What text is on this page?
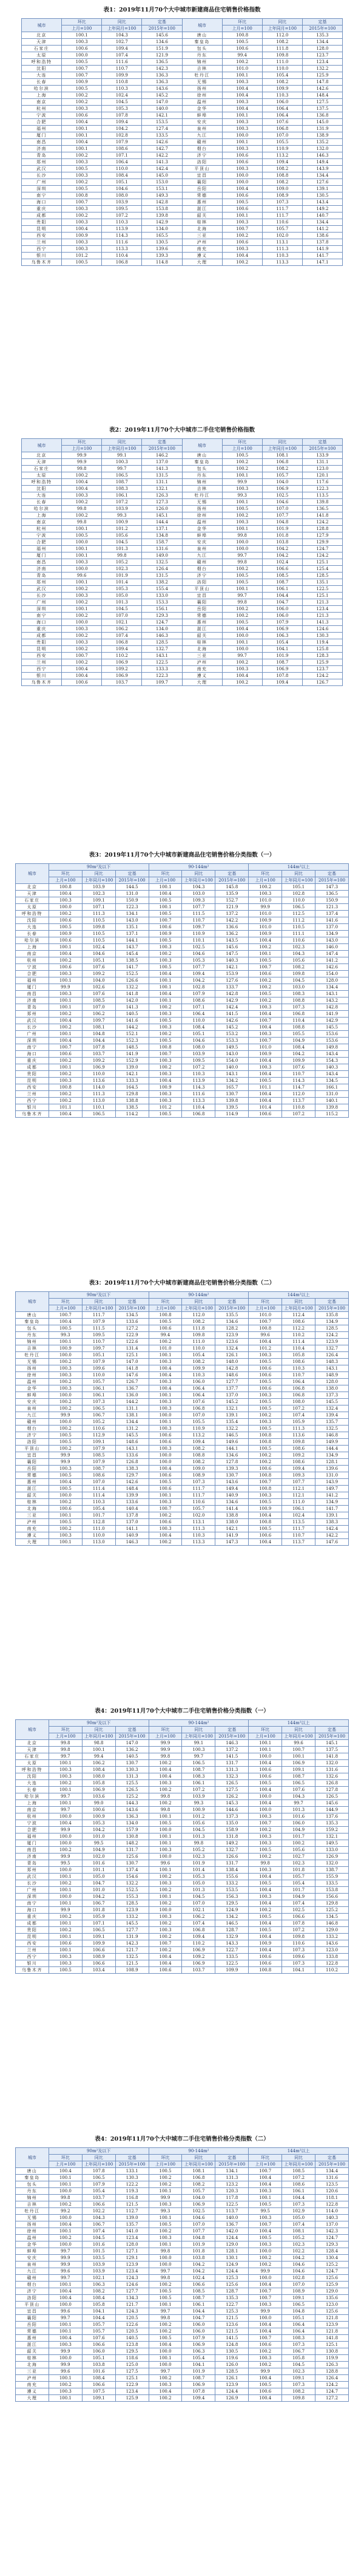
表1：2019年11月70个大中城市新建商品住宅销售价格指数
城市	环比	同比	定基	城市	环比	同比	定基
	上月=100	上年同月=100	2015年=100		上月=100	上年同月=100	2015年=100
北京	100.1	104.3	145.6	唐山	100.8	112.0	135.3
天津	100.3	102.7	134.6	秦皇岛	100.5	108.2	134.4
石家庄	100.6	109.4	151.9	包头	100.6	111.8	128.0
太原	100.0	107.4	121.9	丹东	99.4	109.8	123.7
呼和浩特	100.5	111.6	136.5	锦州	100.2	111.0	123.4
沈阳	100.7	110.7	142.3	吉林	101.0	110.0	132.2
大连	100.7	109.9	136.3	牡丹江	100.1	105.4	125.9
长春	100.9	110.8	136.3	无锡	100.3	108.2	147.8
哈尔滨	100.5	110.3	143.6	扬州	100.4	109.9	142.6
上海	100.2	102.4	145.2	徐州	100.4	110.3	148.4
南京	100.2	104.5	147.0	温州	100.3	106.0	127.5
杭州	100.3	105.3	140.0	金华	100.4	106.4	137.5
宁波	100.6	107.8	142.1	蚌埠	100.1	106.4	136.8
合肥	100.4	109.4	153.5	安庆	100.3	107.6	145.0
福州	100.1	104.2	127.4	泉州	100.3	106.8	131.9
厦门	100.1	102.8	133.5	九江	100.0	107.0	138.9
南昌	100.4	107.9	142.6	赣州	100.1	105.5	135.2
济南	100.1	108.6	142.7	烟台	100.3	110.9	132.0
青岛	100.2	107.1	142.2	济宁	100.6	113.2	146.3
郑州	100.3	106.4	141.3	洛阳	100.6	109.4	149.4
武汉	100.5	110.0	142.4	平顶山	100.3	108.2	143.9
长沙	100.3	108.4	145.0	宜昌	100.0	108.8	134.4
广州	100.2	105.1	153.0	襄阳	100.0	108.2	127.6
深圳	100.5	104.6	153.1	岳阳	100.4	109.0	139.1
南宁	100.8	108.0	149.3	常德	100.6	108.9	130.5
海口	100.7	103.9	142.8	惠州	100.5	107.3	143.4
重庆	100.3	109.5	153.8	湛江	100.6	111.7	149.2
成都	100.2	107.2	139.8	韶关	100.1	111.7	140.7
贵阳	100.3	110.3	142.9	桂林	100.3	110.6	134.4
昆明	100.4	113.9	134.0	北海	100.7	105.7	141.2
西安	100.9	114.3	165.5	三亚	100.2	102.0	138.6
兰州	100.3	111.6	130.5	泸州	100.6	113.1	137.8
西宁	100.3	113.3	139.6	南充	100.3	111.3	141.9
银川	101.2	110.4	139.3	遵义	100.4	110.3	141.7
乌鲁木齐	100.5	106.8	114.8	大理	100.2	113.3	147.1
表2：2019年11月70个大中城市二手住宅销售价格指数
城市	环比	同比	定基	城市	环比	同比	定基
	上月=100	上年同月=100	2015年=100		上月=100	上年同月=100	2015年=100
北京	99.9	99.1	146.2	唐山	100.5	108.1	133.9
天津	99.9	100.3	137.0	秦皇岛	100.2	106.8	131.1
石家庄	99.8	99.7	141.3	包头	100.2	108.2	123.0
太原	100.2	106.5	131.5	丹东	100.1	105.7	120.1
呼和浩特	100.4	108.7	131.1	锦州	99.9	104.0	117.6
沈阳	100.4	108.3	132.1	吉林	100.3	106.9	122.3
大连	100.3	106.1	126.3	牡丹江	99.3	102.5	113.5
长春	100.2	107.2	127.3	无锡	100.1	104.6	139.8
哈尔滨	99.8	103.9	126.0	扬州	100.5	107.0	136.5
上海	100.2	99.3	145.1	徐州	100.2	107.7	141.8
南京	99.8	100.9	144.4	温州	100.3	104.8	124.2
杭州	100.1	101.2	137.1	金华	100.1	101.9	128.8
宁波	100.5	105.6	134.8	蚌埠	99.8	101.8	127.9
合肥	100.0	104.5	158.7	安庆	100.0	103.8	129.9
福州	100.1	101.3	131.6	泉州	100.0	104.2	124.7
厦门	100.1	99.8	149.0	九江	99.7	104.2	124.2
南昌	100.3	105.2	132.5	赣州	99.8	102.4	125.1
济南	100.0	102.3	126.4	烟台	100.2	106.6	125.4
青岛	99.6	101.9	131.5	济宁	100.5	108.5	128.5
郑州	100.1	101.4	138.2	洛阳	100.5	108.7	135.1
武汉	100.2	105.3	155.4	平顶山	100.1	106.1	122.5
长沙	100.3	105.0	133.0	宜昌	99.7	104.4	125.1
广州	100.2	101.3	153.3	襄阳	99.8	104.7	121.3
深圳	100.1	104.5	156.1	岳阳	100.2	106.0	123.4
南宁	100.2	107.0	129.3	常德	100.2	106.0	121.3
海口	100.0	102.1	124.7	惠州	100.5	107.9	141.3
重庆	100.3	106.2	134.0	湛江	100.4	106.9	124.6
成都	100.2	107.4	146.3	韶关	100.0	106.3	130.3
贵阳	100.3	106.8	128.5	桂林	100.1	105.4	119.4
昆明	100.2	109.4	132.7	北海	100.0	104.1	125.8
西安	100.7	110.2	143.1	三亚	99.7	101.9	128.3
兰州	100.2	106.9	122.5	泸州	100.2	108.7	125.9
西宁	100.4	109.2	133.3	南充	100.3	106.9	123.7
银川	100.4	106.9	122.3	遵义	100.4	107.8	124.2
乌鲁木齐	100.6	103.7	109.7	大理	100.2	109.4	126.7
表3：2019年11月70个大中城市新建商品住宅销售价格分类指数（一）
城市	90m²及以下			90-144m²			144m²以上		
	环比	同比	定基	环比	同比	定基	环比	同比	定基
	上月=100	上年同月=100	2015年=100	上月=100	上年同月=100	2015年=100	上月=100	上年同月=100	2015年=100
北京	100.8	103.9	144.5	100.1	104.3	145.8	100.2	105.1	147.3
天津	100.4	102.3	131.0	100.4	103.0	135.9	100.3	102.8	136.5
石家庄	100.3	109.1	150.9	100.5	109.3	152.7	101.0	110.0	150.9
太原	100.0	107.1	122.3	100.1	107.7	121.9	99.9	106.5	121.3
呼和浩特	100.2	111.3	134.1	100.5	111.5	137.2	101.0	112.5	137.4
沈阳	100.6	110.5	143.0	100.7	110.7	142.2	100.9	111.2	141.6
大连	100.5	109.8	135.1	100.6	109.7	136.6	101.0	110.5	137.0
长春	100.9	110.5	137.1	100.9	110.9	136.2	100.9	111.1	134.9
哈尔滨	100.6	110.5	144.1	100.5	110.1	143.5	100.4	110.6	143.0
上海	100.1	102.4	143.7	100.3	102.5	145.6	100.2	102.3	146.0
南京	100.4	104.6	145.4	100.2	104.6	147.5	100.1	104.3	147.4
杭州	100.2	105.1	138.5	100.3	105.3	140.3	100.5	105.6	141.2
宁波	100.6	107.6	141.7	100.5	107.7	142.1	100.7	108.2	142.6
合肥	100.3	109.2	152.5	100.4	109.4	153.9	100.6	109.8	154.0
福州	100.1	104.0	126.6	100.1	104.2	127.6	100.2	104.5	128.0
厦门	99.9	102.6	132.2	100.1	102.8	133.7	100.2	103.0	134.4
南昌	100.3	107.6	141.8	100.4	107.9	142.8	100.5	108.3	143.1
济南	100.1	108.5	142.0	100.1	108.6	142.9	100.2	108.8	143.2
青岛	100.1	107.0	141.3	100.2	107.1	142.4	100.3	107.3	142.8
郑州	100.2	106.2	140.5	100.3	106.4	141.5	100.4	106.8	141.9
武汉	100.4	109.7	141.6	100.5	110.0	142.6	100.7	110.4	142.9
长沙	100.2	108.1	144.2	100.3	108.4	145.2	100.4	108.8	145.5
广州	100.1	104.8	152.1	100.2	105.1	153.2	100.3	105.5	153.6
深圳	100.4	104.4	152.3	100.5	104.6	153.3	100.7	104.9	153.6
南宁	100.7	107.8	148.5	100.8	108.0	149.5	101.0	108.4	149.8
海口	100.6	103.7	141.9	100.7	103.9	143.0	100.9	104.2	143.4
重庆	100.2	109.2	152.9	100.3	109.5	154.0	100.4	109.9	154.3
成都	100.1	106.9	139.0	100.2	107.2	140.0	100.3	107.6	140.3
贵阳	100.2	110.0	142.1	100.3	110.3	143.1	100.4	110.7	143.4
昆明	100.3	113.6	133.3	100.4	113.9	134.2	100.5	114.3	134.5
西安	100.8	114.0	164.5	100.9	114.3	165.7	101.1	114.7	166.1
兰州	100.2	111.3	129.8	100.3	111.6	130.7	100.4	112.0	131.0
西宁	100.2	113.0	138.8	100.3	113.3	139.8	100.4	113.7	140.1
银川	101.1	110.1	138.5	101.2	110.4	139.5	101.4	110.8	139.8
乌鲁木齐	100.4	106.5	114.2	100.5	106.8	114.9	100.6	107.2	115.2
表3：2019年11月70个大中城市新建商品住宅销售价格分类指数（二）
城市	90m²及以下			90-144m²			144m²以上		
	环比	同比	定基	环比	同比	定基	环比	同比	定基
	上月=100	上年同月=100	2015年=100	上月=100	上年同月=100	2015年=100	上月=100	上年同月=100	2015年=100
唐山	100.7	111.7	134.5	100.8	112.0	135.5	101.0	112.4	135.8
秦皇岛	100.4	107.9	133.6	100.5	108.2	134.6	100.7	108.6	134.9
包头	100.5	111.5	127.2	100.6	111.8	128.2	100.8	112.2	128.5
丹东	99.3	109.5	122.9	99.4	109.8	123.9	99.6	110.2	124.2
锦州	100.1	110.7	122.6	100.2	111.0	123.6	100.4	111.4	123.9
吉林	100.9	109.7	131.4	101.0	110.0	132.4	101.2	110.4	132.7
牡丹江	100.0	105.1	125.1	100.1	105.4	126.1	100.3	105.8	126.4
无锡	100.2	107.9	147.0	100.3	108.2	148.0	100.5	108.6	148.3
扬州	100.3	109.6	141.8	100.4	109.9	142.8	100.6	110.3	143.1
徐州	100.3	110.0	147.6	100.4	110.3	148.6	100.6	110.7	148.9
温州	100.2	105.7	126.7	100.3	106.0	127.7	100.5	106.4	128.0
金华	100.3	106.1	136.7	100.4	106.4	137.7	100.6	106.8	138.0
蚌埠	100.0	106.1	136.0	100.1	106.4	137.0	100.3	106.8	137.3
安庆	100.2	107.3	144.2	100.3	107.6	145.2	100.5	108.0	145.5
泉州	100.2	106.5	131.1	100.3	106.8	132.1	100.5	107.2	132.4
九江	99.9	106.7	138.1	100.0	107.0	139.1	100.2	107.4	139.4
赣州	100.0	105.2	134.4	100.1	105.5	135.4	100.3	105.9	135.7
烟台	100.2	110.6	131.2	100.3	110.9	132.2	100.5	111.3	132.5
济宁	100.5	112.9	145.5	100.6	113.2	146.5	100.8	113.6	146.8
洛阳	100.5	109.1	148.6	100.6	109.4	149.6	100.8	109.8	149.9
平顶山	100.2	107.9	143.1	100.3	108.2	144.1	100.5	108.6	144.4
宜昌	99.9	108.5	133.6	100.0	108.8	134.6	100.2	109.2	134.9
襄阳	99.9	107.9	126.8	100.0	108.2	127.8	100.2	108.6	128.1
岳阳	100.3	108.7	138.3	100.4	109.0	139.3	100.6	109.4	139.6
常德	100.5	108.6	129.7	100.6	108.9	130.7	100.8	109.3	131.0
惠州	100.4	107.0	142.6	100.5	107.3	143.6	100.7	107.7	143.9
湛江	100.5	111.4	148.4	100.6	111.7	149.4	100.8	112.1	149.7
韶关	100.0	111.4	139.9	100.1	111.7	140.9	100.3	112.1	141.2
桂林	100.2	110.3	133.6	100.3	110.6	134.6	100.5	111.0	134.9
北海	100.6	105.4	140.4	100.7	105.7	141.4	100.9	106.1	141.7
三亚	100.1	101.7	137.8	100.2	102.0	138.8	100.4	102.4	139.1
泸州	100.5	112.8	137.0	100.6	113.1	138.0	100.8	113.5	138.3
南充	100.2	111.0	141.1	100.3	111.3	142.1	100.5	111.7	142.4
遵义	100.3	110.0	140.9	100.4	110.3	141.9	100.6	110.7	142.2
大理	100.1	113.0	146.3	100.2	113.3	147.3	100.4	113.7	147.6
表4：2019年11月70个大中城市二手住宅销售价格分类指数（一）
城市	90m²及以下			90-144m²			144m²以上		
	环比	同比	定基	环比	同比	定基	环比	同比	定基
	上月=100	上年同月=100	2015年=100	上月=100	上年同月=100	2015年=100	上月=100	上年同月=100	2015年=100
北京	99.8	98.8	147.0	99.9	99.1	146.3	100.1	99.6	145.1
天津	99.8	100.1	136.2	99.9	100.3	137.2	100.1	100.7	137.5
石家庄	99.7	99.4	140.5	99.8	99.7	141.5	100.0	100.1	141.8
太原	100.1	106.2	130.7	100.2	106.5	131.7	100.4	106.9	132.0
呼和浩特	100.3	108.4	130.3	100.4	108.7	131.3	100.6	109.1	131.6
沈阳	100.3	108.0	131.3	100.4	108.3	132.3	100.6	108.7	132.6
大连	100.2	105.8	125.5	100.3	106.1	126.5	100.5	106.5	126.8
长春	100.1	106.9	126.5	100.2	107.2	127.5	100.4	107.6	127.8
哈尔滨	99.7	103.6	125.2	99.8	103.9	126.2	100.0	104.3	126.5
上海	100.1	99.0	144.3	100.2	99.3	145.3	100.4	99.7	145.6
南京	99.7	100.6	143.6	99.8	100.9	144.6	100.0	101.3	144.9
杭州	100.0	100.9	136.3	100.1	101.2	137.3	100.3	101.6	137.6
宁波	100.4	105.3	134.0	100.5	105.6	135.0	100.7	106.0	135.3
合肥	99.9	104.2	157.9	100.0	104.5	158.9	100.2	104.9	159.2
福州	100.0	101.0	130.8	100.1	101.3	131.8	100.3	101.7	132.1
厦门	100.0	99.5	148.2	100.1	99.8	149.2	100.3	100.2	149.5
南昌	100.2	104.9	131.7	100.3	105.2	132.7	100.5	105.6	133.0
济南	99.9	102.0	125.6	100.0	102.3	126.6	100.2	102.7	126.9
青岛	99.5	101.6	130.7	99.6	101.9	131.7	99.8	102.3	132.0
郑州	100.0	101.1	137.4	100.1	101.4	138.4	100.3	101.8	138.7
武汉	100.1	105.0	154.6	100.2	105.3	155.6	100.4	105.7	155.9
长沙	100.2	104.7	132.2	100.3	105.0	133.2	100.5	105.4	133.5
广州	100.1	101.0	152.5	100.2	101.3	153.5	100.4	101.7	153.8
深圳	100.0	104.2	155.3	100.1	104.5	156.3	100.3	104.9	156.6
南宁	100.1	106.7	128.5	100.2	107.0	129.5	100.4	107.4	129.8
海口	99.9	101.8	123.9	100.0	102.1	124.9	100.2	102.5	125.2
重庆	100.2	105.9	133.2	100.3	106.2	134.2	100.5	106.6	134.5
成都	100.1	107.1	145.5	100.2	107.4	146.5	100.4	107.8	146.8
贵阳	100.2	106.5	127.7	100.3	106.8	128.7	100.5	107.2	129.0
昆明	100.1	109.1	131.9	100.2	109.4	132.9	100.4	109.8	133.2
西安	100.6	109.9	142.3	100.7	110.2	143.3	100.9	110.6	143.6
兰州	100.1	106.6	121.7	100.2	106.9	122.7	100.4	107.3	123.0
西宁	100.3	108.9	132.5	100.4	109.2	133.5	100.6	109.6	133.8
银川	100.3	106.6	121.5	100.4	106.9	122.5	100.6	107.3	122.8
乌鲁木齐	100.5	103.4	108.9	100.6	103.7	109.9	100.8	104.1	110.2
表4：2019年11月70个大中城市二手住宅销售价格分类指数（二）
城市	90m²及以下			90-144m²			144m²以上		
	环比	同比	定基	环比	同比	定基	环比	同比	定基
	上月=100	上年同月=100	2015年=100	上月=100	上年同月=100	2015年=100	上月=100	上年同月=100	2015年=100
唐山	100.4	107.8	133.1	100.5	108.1	134.1	100.7	108.5	134.4
秦皇岛	100.1	106.5	130.3	100.2	106.8	131.3	100.4	107.2	131.6
包头	100.1	107.9	122.2	100.2	108.2	123.2	100.4	108.6	123.5
丹东	100.0	105.4	119.3	100.1	105.7	120.3	100.3	106.1	120.6
锦州	99.8	103.7	116.8	99.9	104.0	117.8	100.1	104.4	118.1
吉林	100.2	106.6	121.5	100.3	106.9	122.5	100.5	107.3	122.8
牡丹江	99.2	102.2	112.7	99.3	102.5	113.7	99.5	102.9	114.0
无锡	100.0	104.3	139.0	100.1	104.6	140.0	100.3	105.0	140.3
扬州	100.4	106.7	135.7	100.5	107.0	136.7	100.7	107.4	137.0
徐州	100.1	107.4	141.0	100.2	107.7	142.0	100.4	108.1	142.3
温州	100.2	104.5	123.4	100.3	104.8	124.4	100.5	105.2	124.7
金华	100.0	101.6	128.0	100.1	101.9	129.0	100.3	102.3	129.3
蚌埠	99.7	101.5	127.1	99.8	101.8	128.1	100.0	102.2	128.4
安庆	99.9	103.5	129.1	100.0	103.8	130.1	100.2	104.2	130.4
泉州	99.9	103.9	123.9	100.0	104.2	124.9	100.2	104.6	125.2
九江	99.6	103.9	123.4	99.7	104.2	124.4	99.9	104.6	124.7
赣州	99.7	102.1	124.3	99.8	102.4	125.3	100.0	102.8	125.6
烟台	100.1	106.3	124.6	100.2	106.6	125.6	100.4	107.0	125.9
济宁	100.4	108.2	127.7	100.5	108.5	128.7	100.7	108.9	129.0
洛阳	100.4	108.4	134.3	100.5	108.7	135.3	100.7	109.1	135.6
平顶山	100.0	105.8	121.7	100.1	106.1	122.7	100.3	106.5	123.0
宜昌	99.6	104.1	124.3	99.7	104.4	125.3	99.9	104.8	125.6
襄阳	99.7	104.4	120.5	99.8	104.7	121.5	100.0	105.1	121.8
岳阳	100.1	105.7	122.6	100.2	106.0	123.6	100.4	106.4	123.9
常德	100.1	105.7	120.5	100.2	106.0	121.5	100.4	106.4	121.8
惠州	100.4	107.6	140.5	100.5	107.9	141.5	100.7	108.3	141.8
湛江	100.3	106.6	123.8	100.4	106.9	124.8	100.6	107.3	125.1
韶关	99.9	106.0	129.5	100.0	106.3	130.5	100.2	106.7	130.8
桂林	100.0	105.1	118.6	100.1	105.4	119.6	100.3	105.8	119.9
北海	99.9	103.8	125.0	100.0	104.1	126.0	100.2	104.5	126.3
三亚	99.6	101.6	127.5	99.7	101.9	128.5	99.9	102.3	128.8
泸州	100.1	108.4	125.1	100.2	108.7	126.1	100.4	109.1	126.4
南充	100.2	106.6	122.9	100.3	106.9	123.9	100.5	107.3	124.2
遵义	100.3	107.5	123.4	100.4	107.8	124.4	100.6	108.2	124.7
大理	100.1	109.1	125.9	100.2	109.4	126.9	100.4	109.8	127.2
